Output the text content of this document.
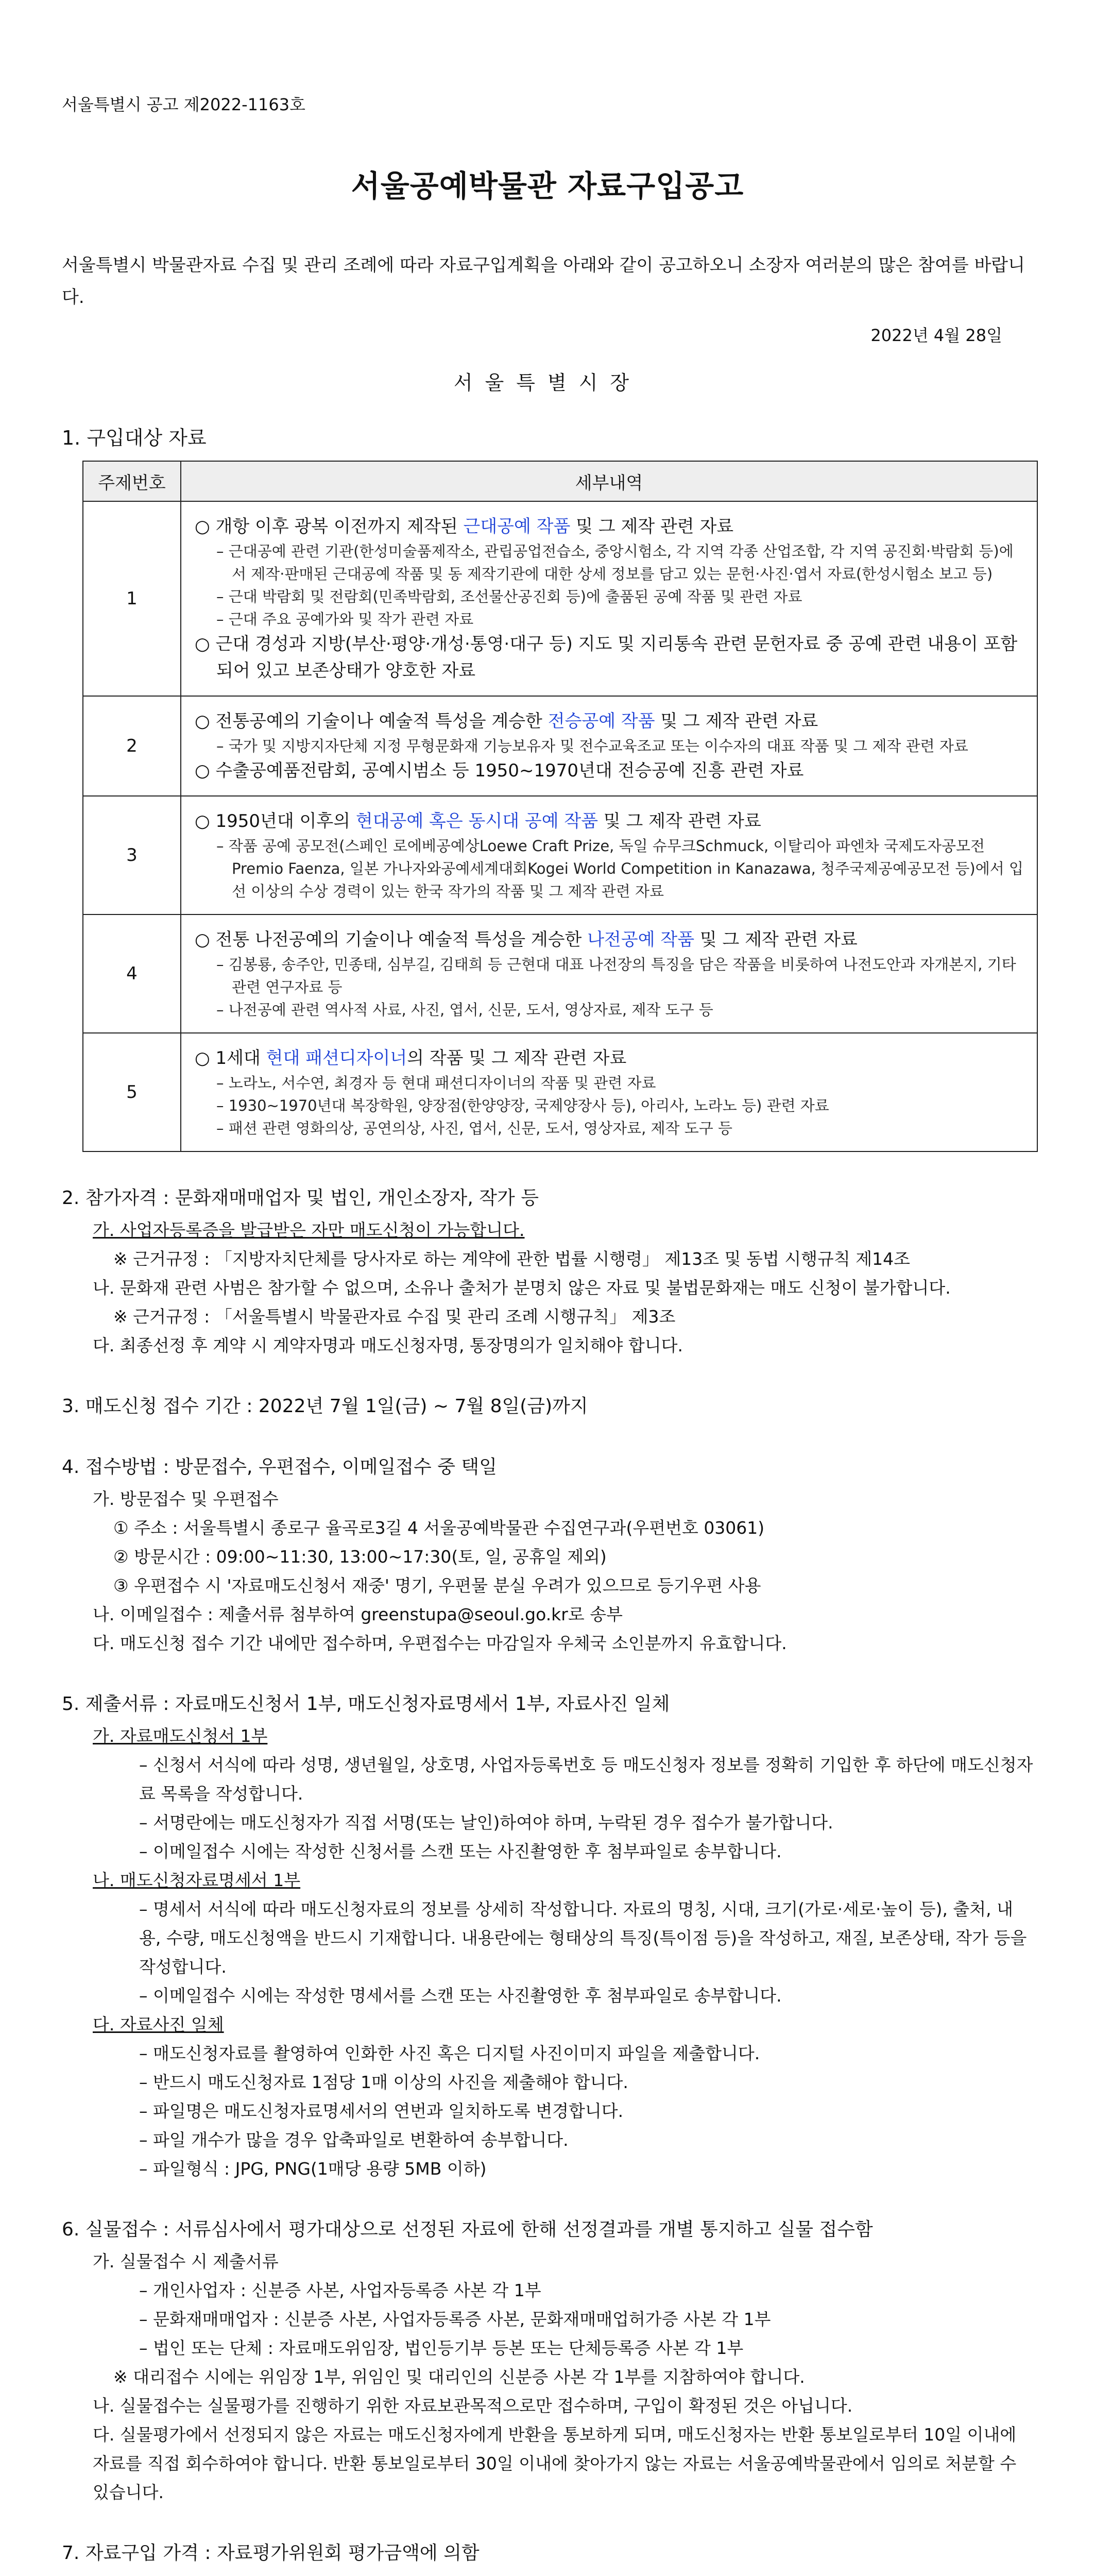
서울특별시 공고 제2022-1163호
서울공예박물관 자료구입공고

서울특별시 박물관자료 수집 및 관리 조례에 따라 자료구입계획을 아래와 같이 공고하오니 소장자 여러분의 많은 참여를 바랍니다.

2022년 4월 28일
서울특별시장
1. 구입대상 자료
주제번호	세부내역
1	○ 개항 이후 광복 이전까지 제작된 근대공예 작품 및 그 제작 관련 자료
– 근대공예 관련 기관(한성미술품제작소, 관립공업전습소, 중앙시험소, 각 지역 각종 산업조합, 각 지역 공진회·박람회 등)에서 제작·판매된 근대공예 작품 및 동 제작기관에 대한 상세 정보를 담고 있는 문헌·사진·엽서 자료(한성시험소 보고 등)
– 근대 박람회 및 전람회(민족박람회, 조선물산공진회 등)에 출품된 공예 작품 및 관련 자료
– 근대 주요 공예가와 및 작가 관련 자료
○ 근대 경성과 지방(부산·평양·개성·통영·대구 등) 지도 및 지리통속 관련 문헌자료 중 공예 관련 내용이 포함되어 있고 보존상태가 양호한 자료

2	○ 전통공예의 기술이나 예술적 특성을 계승한 전승공예 작품 및 그 제작 관련 자료
– 국가 및 지방지자단체 지정 무형문화재 기능보유자 및 전수교육조교 또는 이수자의 대표 작품 및 그 제작 관련 자료
○ 수출공예품전람회, 공예시범소 등 1950~1970년대 전승공예 진흥 관련 자료

3	○ 1950년대 이후의 현대공예 혹은 동시대 공예 작품 및 그 제작 관련 자료
– 작품 공예 공모전(스페인 로에베공예상Loewe Craft Prize, 독일 슈무크Schmuck, 이탈리아 파엔차 국제도자공모전Premio Faenza, 일본 가나자와공예세계대회Kogei World Competition in Kanazawa, 청주국제공예공모전 등)에서 입선 이상의 수상 경력이 있는 한국 작가의 작품 및 그 제작 관련 자료

4	○ 전통 나전공예의 기술이나 예술적 특성을 계승한 나전공예 작품 및 그 제작 관련 자료
– 김봉룡, 송주안, 민종태, 심부길, 김태희 등 근현대 대표 나전장의 특징을 담은 작품을 비롯하여 나전도안과 자개본지, 기타 관련 연구자료 등
– 나전공예 관련 역사적 사료, 사진, 엽서, 신문, 도서, 영상자료, 제작 도구 등

5	○ 1세대 현대 패션디자이너의 작품 및 그 제작 관련 자료
– 노라노, 서수연, 최경자 등 현대 패션디자이너의 작품 및 관련 자료
– 1930~1970년대 복장학원, 양장점(한양양장, 국제양장사 등), 아리사, 노라노 등) 관련 자료
– 패션 관련 영화의상, 공연의상, 사진, 엽서, 신문, 도서, 영상자료, 제작 도구 등
2. 참가자격 : 문화재매매업자 및 법인, 개인소장자, 작가 등
가. 사업자등록증을 발급받은 자만 매도신청이 가능합니다.
※ 근거규정 : 「지방자치단체를 당사자로 하는 계약에 관한 법률 시행령」 제13조 및 동법 시행규칙 제14조
나. 문화재 관련 사범은 참가할 수 없으며, 소유나 출처가 분명치 않은 자료 및 불법문화재는 매도 신청이 불가합니다.
※ 근거규정 : 「서울특별시 박물관자료 수집 및 관리 조례 시행규칙」 제3조
다. 최종선정 후 계약 시 계약자명과 매도신청자명, 통장명의가 일치해야 합니다.
3. 매도신청 접수 기간 : 2022년 7월 1일(금) ~ 7월 8일(금)까지
4. 접수방법 : 방문접수, 우편접수, 이메일접수 중 택일
가. 방문접수 및 우편접수
① 주소 : 서울특별시 종로구 율곡로3길 4 서울공예박물관 수집연구과(우편번호 03061)
② 방문시간 : 09:00~11:30, 13:00~17:30(토, 일, 공휴일 제외)
③ 우편접수 시 '자료매도신청서 재중' 명기, 우편물 분실 우려가 있으므로 등기우편 사용
나. 이메일접수 : 제출서류 첨부하여 greenstupa@seoul.go.kr로 송부
다. 매도신청 접수 기간 내에만 접수하며, 우편접수는 마감일자 우체국 소인분까지 유효합니다.
5. 제출서류 : 자료매도신청서 1부, 매도신청자료명세서 1부, 자료사진 일체
가. 자료매도신청서 1부
– 신청서 서식에 따라 성명, 생년월일, 상호명, 사업자등록번호 등 매도신청자 정보를 정확히 기입한 후 하단에 매도신청자료 목록을 작성합니다.
– 서명란에는 매도신청자가 직접 서명(또는 날인)하여야 하며, 누락된 경우 접수가 불가합니다.
– 이메일접수 시에는 작성한 신청서를 스캔 또는 사진촬영한 후 첨부파일로 송부합니다.
나. 매도신청자료명세서 1부
– 명세서 서식에 따라 매도신청자료의 정보를 상세히 작성합니다. 자료의 명칭, 시대, 크기(가로·세로·높이 등), 출처, 내용, 수량, 매도신청액을 반드시 기재합니다. 내용란에는 형태상의 특징(특이점 등)을 작성하고, 재질, 보존상태, 작가 등을 작성합니다.
– 이메일접수 시에는 작성한 명세서를 스캔 또는 사진촬영한 후 첨부파일로 송부합니다.
다. 자료사진 일체
– 매도신청자료를 촬영하여 인화한 사진 혹은 디지털 사진이미지 파일을 제출합니다.
– 반드시 매도신청자료 1점당 1매 이상의 사진을 제출해야 합니다.
– 파일명은 매도신청자료명세서의 연번과 일치하도록 변경합니다.
– 파일 개수가 많을 경우 압축파일로 변환하여 송부합니다.
– 파일형식 : JPG, PNG(1매당 용량 5MB 이하)
6. 실물접수 : 서류심사에서 평가대상으로 선정된 자료에 한해 선정결과를 개별 통지하고 실물 접수함
가. 실물접수 시 제출서류
– 개인사업자 : 신분증 사본, 사업자등록증 사본 각 1부
– 문화재매매업자 : 신분증 사본, 사업자등록증 사본, 문화재매매업허가증 사본 각 1부
– 법인 또는 단체 : 자료매도위임장, 법인등기부 등본 또는 단체등록증 사본 각 1부
※ 대리접수 시에는 위임장 1부, 위임인 및 대리인의 신분증 사본 각 1부를 지참하여야 합니다.
나. 실물접수는 실물평가를 진행하기 위한 자료보관목적으로만 접수하며, 구입이 확정된 것은 아닙니다.
다. 실물평가에서 선정되지 않은 자료는 매도신청자에게 반환을 통보하게 되며, 매도신청자는 반환 통보일로부터 10일 이내에 자료를 직접 회수하여야 합니다. 반환 통보일로부터 30일 이내에 찾아가지 않는 자료는 서울공예박물관에서 임의로 처분할 수 있습니다.
7. 자료구입 가격 : 자료평가위원회 평가금액에 의함
